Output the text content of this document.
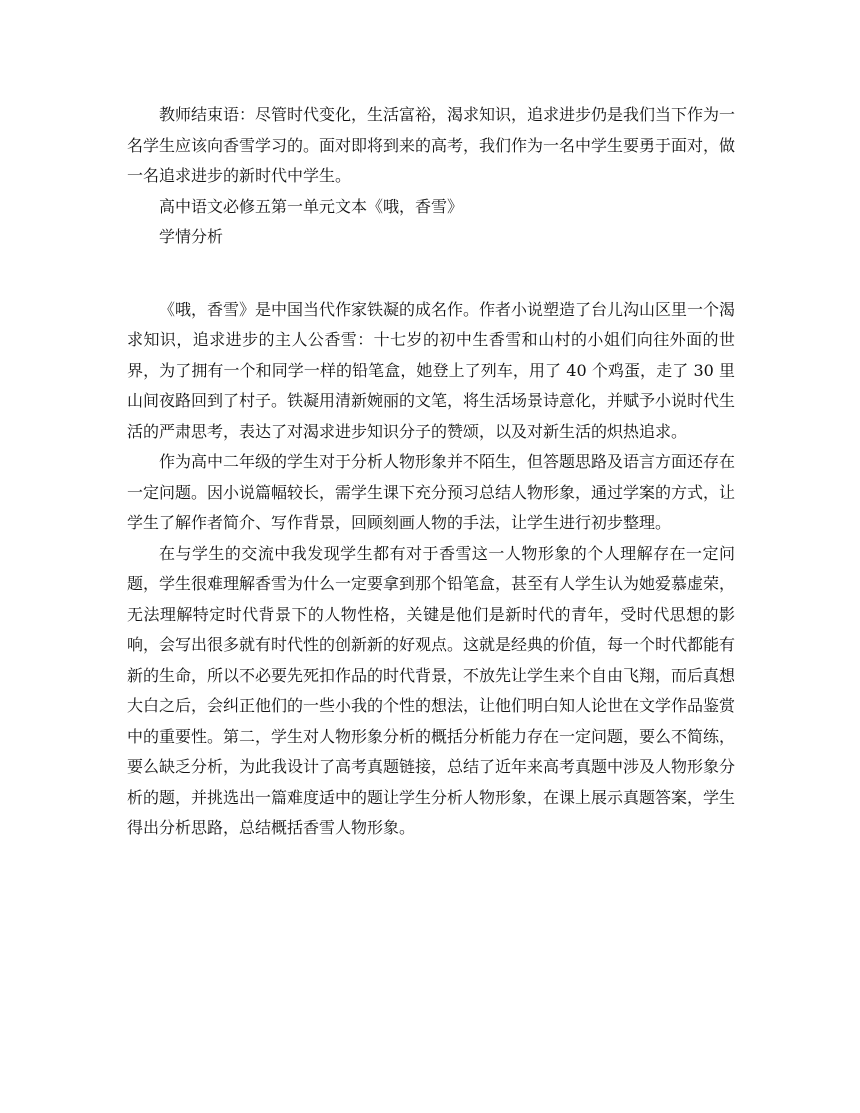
教师结束语：尽管时代变化，生活富裕，渴求知识，追求进步仍是我们当下作为一名学生应该向香雪学习的。面对即将到来的高考，我们作为一名中学生要勇于面对，做一名追求进步的新时代中学生。

高中语文必修五第一单元文本《哦，香雪》

学情分析

《哦，香雪》是中国当代作家铁凝的成名作。作者小说塑造了台儿沟山区里一个渴求知识，追求进步的主人公香雪：十七岁的初中生香雪和山村的小姐们向往外面的世界，为了拥有一个和同学一样的铅笔盒，她登上了列车，用了 40 个鸡蛋，走了 30 里山间夜路回到了村子。铁凝用清新婉丽的文笔，将生活场景诗意化，并赋予小说时代生活的严肃思考，表达了对渴求进步知识分子的赞颂，以及对新生活的炽热追求。

作为高中二年级的学生对于分析人物形象并不陌生，但答题思路及语言方面还存在一定问题。因小说篇幅较长，需学生课下充分预习总结人物形象，通过学案的方式，让学生了解作者简介、写作背景，回顾刻画人物的手法，让学生进行初步整理。

在与学生的交流中我发现学生都有对于香雪这一人物形象的个人理解存在一定问题，学生很难理解香雪为什么一定要拿到那个铅笔盒，甚至有人学生认为她爱慕虚荣，无法理解特定时代背景下的人物性格，关键是他们是新时代的青年，受时代思想的影响，会写出很多就有时代性的创新新的好观点。这就是经典的价值，每一个时代都能有新的生命，所以不必要先死扣作品的时代背景，不放先让学生来个自由飞翔，而后真想大白之后，会纠正他们的一些小我的个性的想法，让他们明白知人论世在文学作品鉴赏中的重要性。第二，学生对人物形象分析的概括分析能力存在一定问题，要么不简练，要么缺乏分析，为此我设计了高考真题链接，总结了近年来高考真题中涉及人物形象分析的题，并挑选出一篇难度适中的题让学生分析人物形象，在课上展示真题答案，学生得出分析思路，总结概括香雪人物形象。
